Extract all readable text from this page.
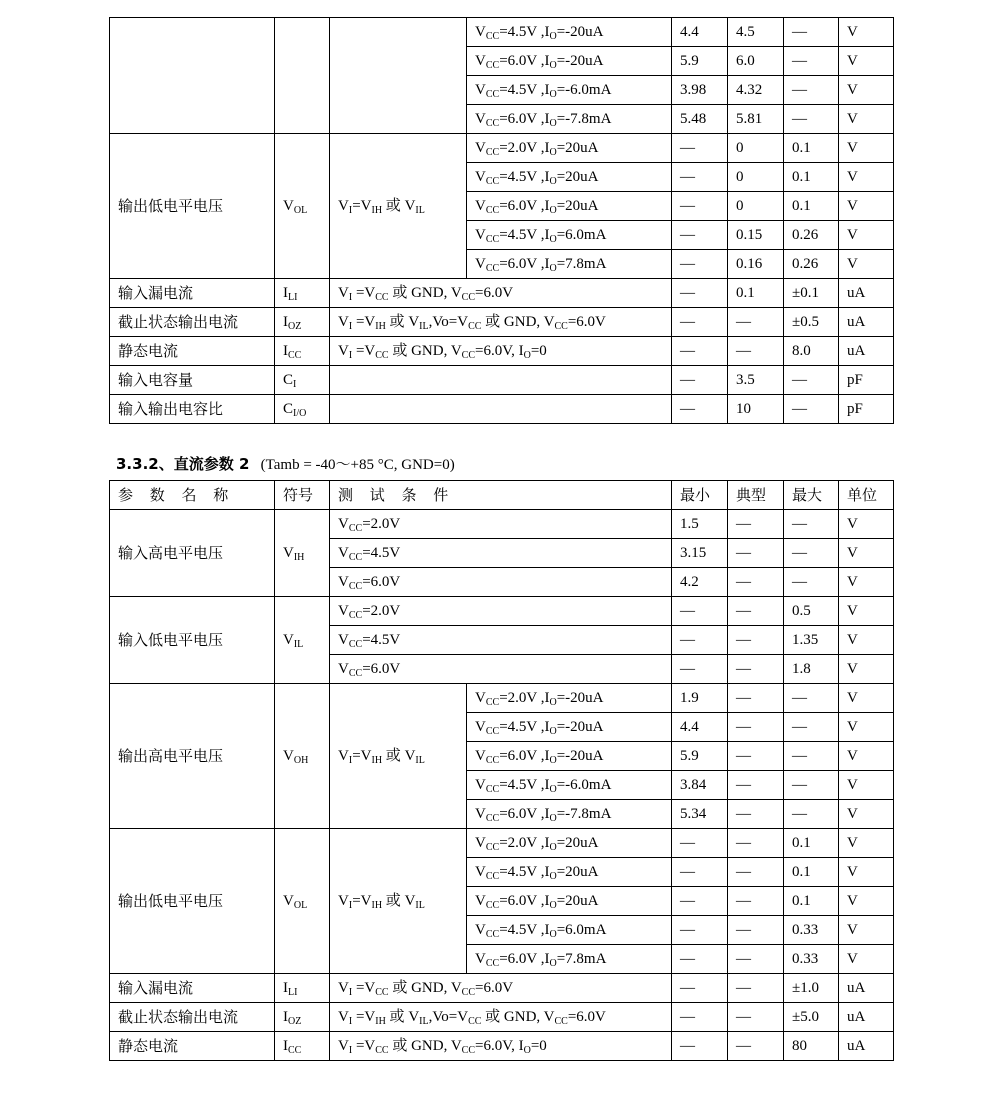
			$V_{CC}=4.5V$ $,I_O=-20uA$	4.4	4.5	—	V
			$V_{CC}=6.0V$ $,I_O=-20uA$	5.9	6.0	—	V
			$V_{CC}=4.5V$ $,I_O=-6.0mA$	3.98	4.32	—	V
			$V_{CC}=6.0V$ $,I_O=-7.8mA$	5.48	5.81	—	V
输出低电平电压	$V_{OL}$	$V_I=V_{IH}$ 或 $V_{IL}$	$V_{CC}=2.0V$ $,I_O=20uA$	—	0	0.1	V
			$V_{CC}=4.5V$ $,I_O=20uA$	—	0	0.1	V
			$V_{CC}=6.0V$ $,I_O=20uA$	—	0	0.1	V
			$V_{CC}=4.5V$ $,I_O=6.0mA$	—	0.15	0.26	V
			$V_{CC}=6.0V$ $,I_O=7.8mA$	—	0.16	0.26	V
输入漏电流	$I_{LI}$	$V_I =V_{CC}$ 或 GND, $V_{CC}=6.0V$		—	0.1	±0.1	uA
截止状态输出电流	$I_{OZ}$	$V_I =V_{IH}$ 或 $V_{IL},Vo=V_{CC}$ 或 GND, $V_{CC}=6.0V$		—	—	±0.5	uA
静态电流	$I_{CC}$	$V_I =V_{CC}$ 或 GND, $V_{CC}=6.0V$, $I_O=0$		—	—	8.0	uA
输入电容量	$C_I$			—	3.5	—	pF
输入输出电容比	$C_{I/O}$			—	10	—	pF
3.3.2、直流参数 2 (Tamb = -40～+85 °C, GND=0)
参 数 名 称	符号	测 试 条 件		最小	典型	最大	单位
输入高电平电压	$V_{IH}$	$V_{CC}=2.0V$		1.5	—	—	V
		$V_{CC}=4.5V$		3.15	—	—	V
		$V_{CC}=6.0V$		4.2	—	—	V
输入低电平电压	$V_{IL}$	$V_{CC}=2.0V$		—	—	0.5	V
		$V_{CC}=4.5V$		—	—	1.35	V
		$V_{CC}=6.0V$		—	—	1.8	V
输出高电平电压	$V_{OH}$	$V_I=V_{IH}$ 或 $V_{IL}$	$V_{CC}=2.0V$ $,I_O=-20uA$	1.9	—	—	V
			$V_{CC}=4.5V$ $,I_O=-20uA$	4.4	—	—	V
			$V_{CC}=6.0V$ $,I_O=-20uA$	5.9	—	—	V
			$V_{CC}=4.5V$ $,I_O=-6.0mA$	3.84	—	—	V
			$V_{CC}=6.0V$ $,I_O=-7.8mA$	5.34	—	—	V
输出低电平电压	$V_{OL}$	$V_I=V_{IH}$ 或 $V_{IL}$	$V_{CC}=2.0V$ $,I_O=20uA$	—	—	0.1	V
			$V_{CC}=4.5V$ $,I_O=20uA$	—	—	0.1	V
			$V_{CC}=6.0V$ $,I_O=20uA$	—	—	0.1	V
			$V_{CC}=4.5V$ $,I_O=6.0mA$	—	—	0.33	V
			$V_{CC}=6.0V$ $,I_O=7.8mA$	—	—	0.33	V
输入漏电流	$I_{LI}$	$V_I =V_{CC}$ 或 GND, $V_{CC}=6.0V$		—	—	±1.0	uA
截止状态输出电流	$I_{OZ}$	$V_I =V_{IH}$ 或 $V_{IL},Vo=V_{CC}$ 或 GND, $V_{CC}=6.0V$		—	—	±5.0	uA
静态电流	$I_{CC}$	$V_I =V_{CC}$ 或 GND, $V_{CC}=6.0V$, $I_O=0$		—	—	80	uA
